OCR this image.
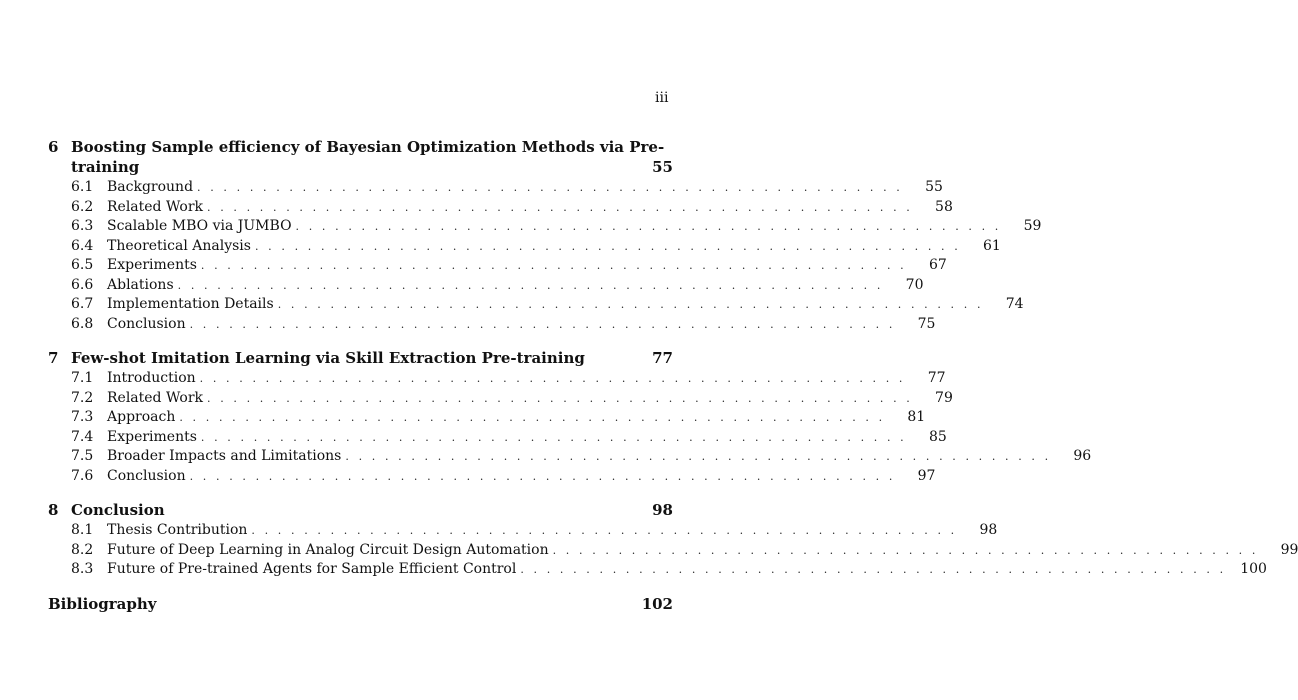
iii
6 Boosting Sample efficiency of Bayesian Optimization Methods via Pre-
training	55
6.1 Background . . . . . . . . . . . . . . . . . . . . . . . . . . . . . . . . . . . . . . . . . . . . . . . . . . . . . .	55
6.2 Related Work . . . . . . . . . . . . . . . . . . . . . . . . . . . . . . . . . . . . . . . . . . . . . . . . . . . . . .	58
6.3 Scalable MBO via JUMBO . . . . . . . . . . . . . . . . . . . . . . . . . . . . . . . . . . . . . . . . . . . . . . . . . . . . . .	59
6.4 Theoretical Analysis . . . . . . . . . . . . . . . . . . . . . . . . . . . . . . . . . . . . . . . . . . . . . . . . . . . . . .	61
6.5 Experiments . . . . . . . . . . . . . . . . . . . . . . . . . . . . . . . . . . . . . . . . . . . . . . . . . . . . . .	67
6.6 Ablations . . . . . . . . . . . . . . . . . . . . . . . . . . . . . . . . . . . . . . . . . . . . . . . . . . . . . .	70
6.7 Implementation Details . . . . . . . . . . . . . . . . . . . . . . . . . . . . . . . . . . . . . . . . . . . . . . . . . . . . . .	74
6.8 Conclusion . . . . . . . . . . . . . . . . . . . . . . . . . . . . . . . . . . . . . . . . . . . . . . . . . . . . . .	75
7 Few-shot Imitation Learning via Skill Extraction Pre-training	77
7.1 Introduction . . . . . . . . . . . . . . . . . . . . . . . . . . . . . . . . . . . . . . . . . . . . . . . . . . . . . .	77
7.2 Related Work . . . . . . . . . . . . . . . . . . . . . . . . . . . . . . . . . . . . . . . . . . . . . . . . . . . . . .	79
7.3 Approach . . . . . . . . . . . . . . . . . . . . . . . . . . . . . . . . . . . . . . . . . . . . . . . . . . . . . .	81
7.4 Experiments . . . . . . . . . . . . . . . . . . . . . . . . . . . . . . . . . . . . . . . . . . . . . . . . . . . . . .	85
7.5 Broader Impacts and Limitations . . . . . . . . . . . . . . . . . . . . . . . . . . . . . . . . . . . . . . . . . . . . . . . . . . . . . .	96
7.6 Conclusion . . . . . . . . . . . . . . . . . . . . . . . . . . . . . . . . . . . . . . . . . . . . . . . . . . . . . .	97
8 Conclusion	98
8.1 Thesis Contribution . . . . . . . . . . . . . . . . . . . . . . . . . . . . . . . . . . . . . . . . . . . . . . . . . . . . . .	98
8.2 Future of Deep Learning in Analog Circuit Design Automation . . . . . . . . . . . . . . . . . . . . . . . . . . . . . . . . . . . . . . . . . . . . . . . . . . . . . .	99
8.3 Future of Pre-trained Agents for Sample Efficient Control . . . . . . . . . . . . . . . . . . . . . . . . . . . . . . . . . . . . . . . . . . . . . . . . . . . . . .	100
Bibliography	102
